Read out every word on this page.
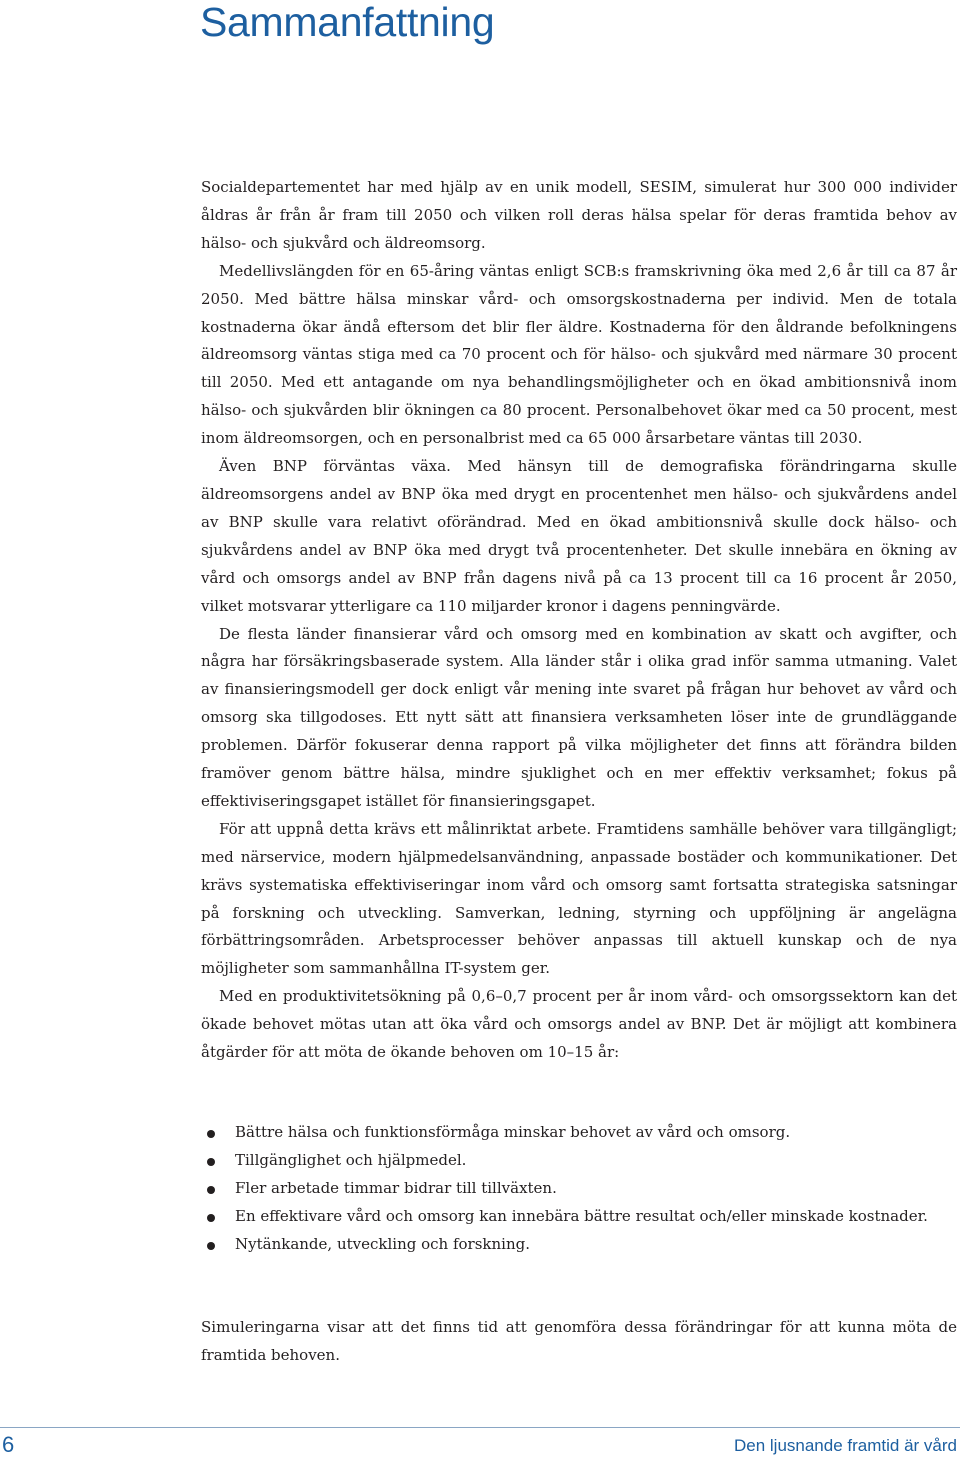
Sammanfattning

Socialdepartementet har med hjälp av en unik modell, SESIM, simulerat hur 300 000 individer åldras år från år fram till 2050 och vilken roll deras hälsa spelar för deras framtida behov av hälso- och sjukvård och äldreomsorg.

Medellivslängden för en 65-åring väntas enligt SCB:s framskrivning öka med 2,6 år till ca 87 år 2050. Med bättre hälsa minskar vård- och omsorgskostnaderna per individ. Men de totala kostnaderna ökar ändå eftersom det blir fler äldre. Kostnaderna för den åldrande befolkningens äldreomsorg väntas stiga med ca 70 procent och för hälso- och sjukvård med närmare 30 procent till 2050. Med ett antagande om nya behandlingsmöjligheter och en ökad ambitionsnivå inom hälso- och sjukvården blir ökningen ca 80 procent. Personalbehovet ökar med ca 50 procent, mest inom äldreomsorgen, och en personalbrist med ca 65 000 årsarbetare väntas till 2030.

Även BNP förväntas växa. Med hänsyn till de demografiska förändringarna skulle äldreomsorgens andel av BNP öka med drygt en procentenhet men hälso- och sjukvårdens andel av BNP skulle vara relativt oförändrad. Med en ökad ambitionsnivå skulle dock hälso- och sjukvårdens andel av BNP öka med drygt två procentenheter. Det skulle innebära en ökning av vård och omsorgs andel av BNP från dagens nivå på ca 13 procent till ca 16 procent år 2050, vilket motsvarar ytterligare ca 110 miljarder kronor i dagens penningvärde.

De flesta länder finansierar vård och omsorg med en kombination av skatt och avgifter, och några har försäkringsbaserade system. Alla länder står i olika grad inför samma utmaning. Valet av finansieringsmodell ger dock enligt vår mening inte svaret på frågan hur behovet av vård och omsorg ska tillgodoses. Ett nytt sätt att finansiera verksamheten löser inte de grundläggande problemen. Därför fokuserar denna rapport på vilka möjligheter det finns att förändra bilden framöver genom bättre hälsa, mindre sjuklighet och en mer effektiv verksamhet; fokus på effektiviseringsgapet istället för finansieringsgapet.

För att uppnå detta krävs ett målinriktat arbete. Framtidens samhälle behöver vara tillgängligt; med närservice, modern hjälpmedelsanvändning, anpassade bostäder och kommunikationer. Det krävs systematiska effektiviseringar inom vård och omsorg samt fortsatta strategiska satsningar på forskning och utveckling. Samverkan, ledning, styrning och uppföljning är angelägna förbättringsområden. Arbetsprocesser behöver anpassas till aktuell kunskap och de nya möjligheter som sammanhållna IT-system ger.

Med en produktivitetsökning på 0,6–0,7 procent per år inom vård- och omsorgssektorn kan det ökade behovet mötas utan att öka vård och omsorgs andel av BNP. Det är möjligt att kombinera åtgärder för att möta de ökande behoven om 10–15 år:

Bättre hälsa och funktionsförmåga minskar behovet av vård och omsorg.
Tillgänglighet och hjälpmedel.
Fler arbetade timmar bidrar till tillväxten.
En effektivare vård och omsorg kan innebära bättre resultat och/eller minskade kostnader.
Nytänkande, utveckling och forskning.

Simuleringarna visar att det finns tid att genomföra dessa förändringar för att kunna möta de framtida behoven.

6	Den ljusnande framtid är vård
